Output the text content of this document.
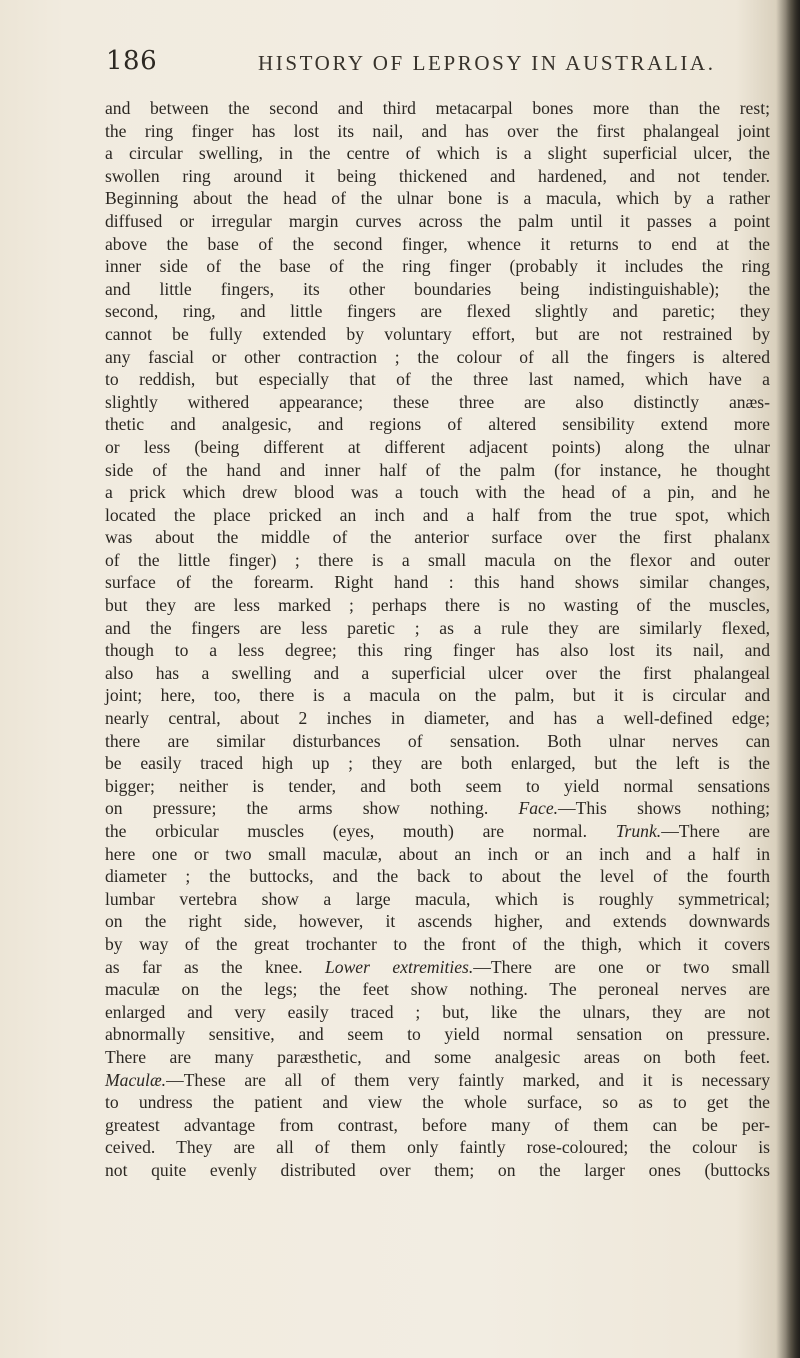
186	HISTORY OF LEPROSY IN AUSTRALIA.
and between the second and third metacarpal bones more than the rest;
the ring finger has lost its nail, and has over the first phalangeal joint
a circular swelling, in the centre of which is a slight superficial ulcer, the
swollen ring around it being thickened and hardened, and not tender.
Beginning about the head of the ulnar bone is a macula, which by a rather
diffused or irregular margin curves across the palm until it passes a point
above the base of the second finger, whence it returns to end at the
inner side of the base of the ring finger (probably it includes the ring
and little fingers, its other boundaries being indistinguishable); the
second, ring, and little fingers are flexed slightly and paretic; they
cannot be fully extended by voluntary effort, but are not restrained by
any fascial or other contraction ; the colour of all the fingers is altered
to reddish, but especially that of the three last named, which have a
slightly withered appearance; these three are also distinctly anæs-
thetic and analgesic, and regions of altered sensibility extend more
or less (being different at different adjacent points) along the ulnar
side of the hand and inner half of the palm (for instance, he thought
a prick which drew blood was a touch with the head of a pin, and he
located the place pricked an inch and a half from the true spot, which
was about the middle of the anterior surface over the first phalanx
of the little finger) ; there is a small macula on the flexor and outer
surface of the forearm. Right hand : this hand shows similar changes,
but they are less marked ; perhaps there is no wasting of the muscles,
and the fingers are less paretic ; as a rule they are similarly flexed,
though to a less degree; this ring finger has also lost its nail, and
also has a swelling and a superficial ulcer over the first phalangeal
joint; here, too, there is a macula on the palm, but it is circular and
nearly central, about 2 inches in diameter, and has a well-defined edge;
there are similar disturbances of sensation. Both ulnar nerves can
be easily traced high up ; they are both enlarged, but the left is the
bigger; neither is tender, and both seem to yield normal sensations
on pressure; the arms show nothing. Face.—This shows nothing;
the orbicular muscles (eyes, mouth) are normal. Trunk.—There are
here one or two small maculæ, about an inch or an inch and a half in
diameter ; the buttocks, and the back to about the level of the fourth
lumbar vertebra show a large macula, which is roughly symmetrical;
on the right side, however, it ascends higher, and extends downwards
by way of the great trochanter to the front of the thigh, which it covers
as far as the knee. Lower extremities.—There are one or two small
maculæ on the legs; the feet show nothing. The peroneal nerves are
enlarged and very easily traced ; but, like the ulnars, they are not
abnormally sensitive, and seem to yield normal sensation on pressure.
There are many paræsthetic, and some analgesic areas on both feet.
Maculæ.—These are all of them very faintly marked, and it is necessary
to undress the patient and view the whole surface, so as to get the
greatest advantage from contrast, before many of them can be per-
ceived. They are all of them only faintly rose-coloured; the colour is
not quite evenly distributed over them; on the larger ones (buttocks
